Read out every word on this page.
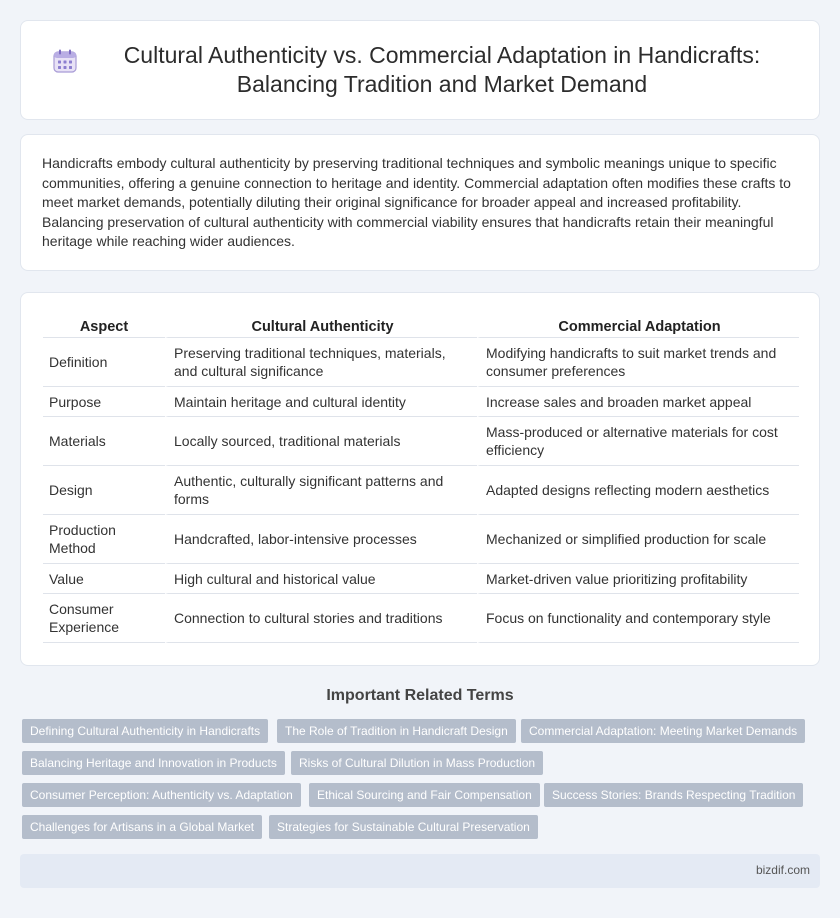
Cultural Authenticity vs. Commercial Adaptation in Handicrafts: Balancing Tradition and Market Demand

Handicrafts embody cultural authenticity by preserving traditional techniques and symbolic meanings unique to specific communities, offering a genuine connection to heritage and identity. Commercial adaptation often modifies these crafts to meet market demands, potentially diluting their original significance for broader appeal and increased profitability. Balancing preservation of cultural authenticity with commercial viability ensures that handicrafts retain their meaningful heritage while reaching wider audiences.

Aspect	Cultural Authenticity	Commercial Adaptation
Definition	Preserving traditional techniques, materials, and cultural significance	Modifying handicrafts to suit market trends and consumer preferences
Purpose	Maintain heritage and cultural identity	Increase sales and broaden market appeal
Materials	Locally sourced, traditional materials	Mass-produced or alternative materials for cost efficiency
Design	Authentic, culturally significant patterns and forms	Adapted designs reflecting modern aesthetics
Production Method	Handcrafted, labor-intensive processes	Mechanized or simplified production for scale
Value	High cultural and historical value	Market-driven value prioritizing profitability
Consumer Experience	Connection to cultural stories and traditions	Focus on functionality and contemporary style
Important Related Terms
Defining Cultural Authenticity in Handicrafts	The Role of Tradition in Handicraft Design	Commercial Adaptation: Meeting Market Demands
Balancing Heritage and Innovation in Products	Risks of Cultural Dilution in Mass Production
Consumer Perception: Authenticity vs. Adaptation	Ethical Sourcing and Fair Compensation	Success Stories: Brands Respecting Tradition
Challenges for Artisans in a Global Market	Strategies for Sustainable Cultural Preservation
bizdif.com
